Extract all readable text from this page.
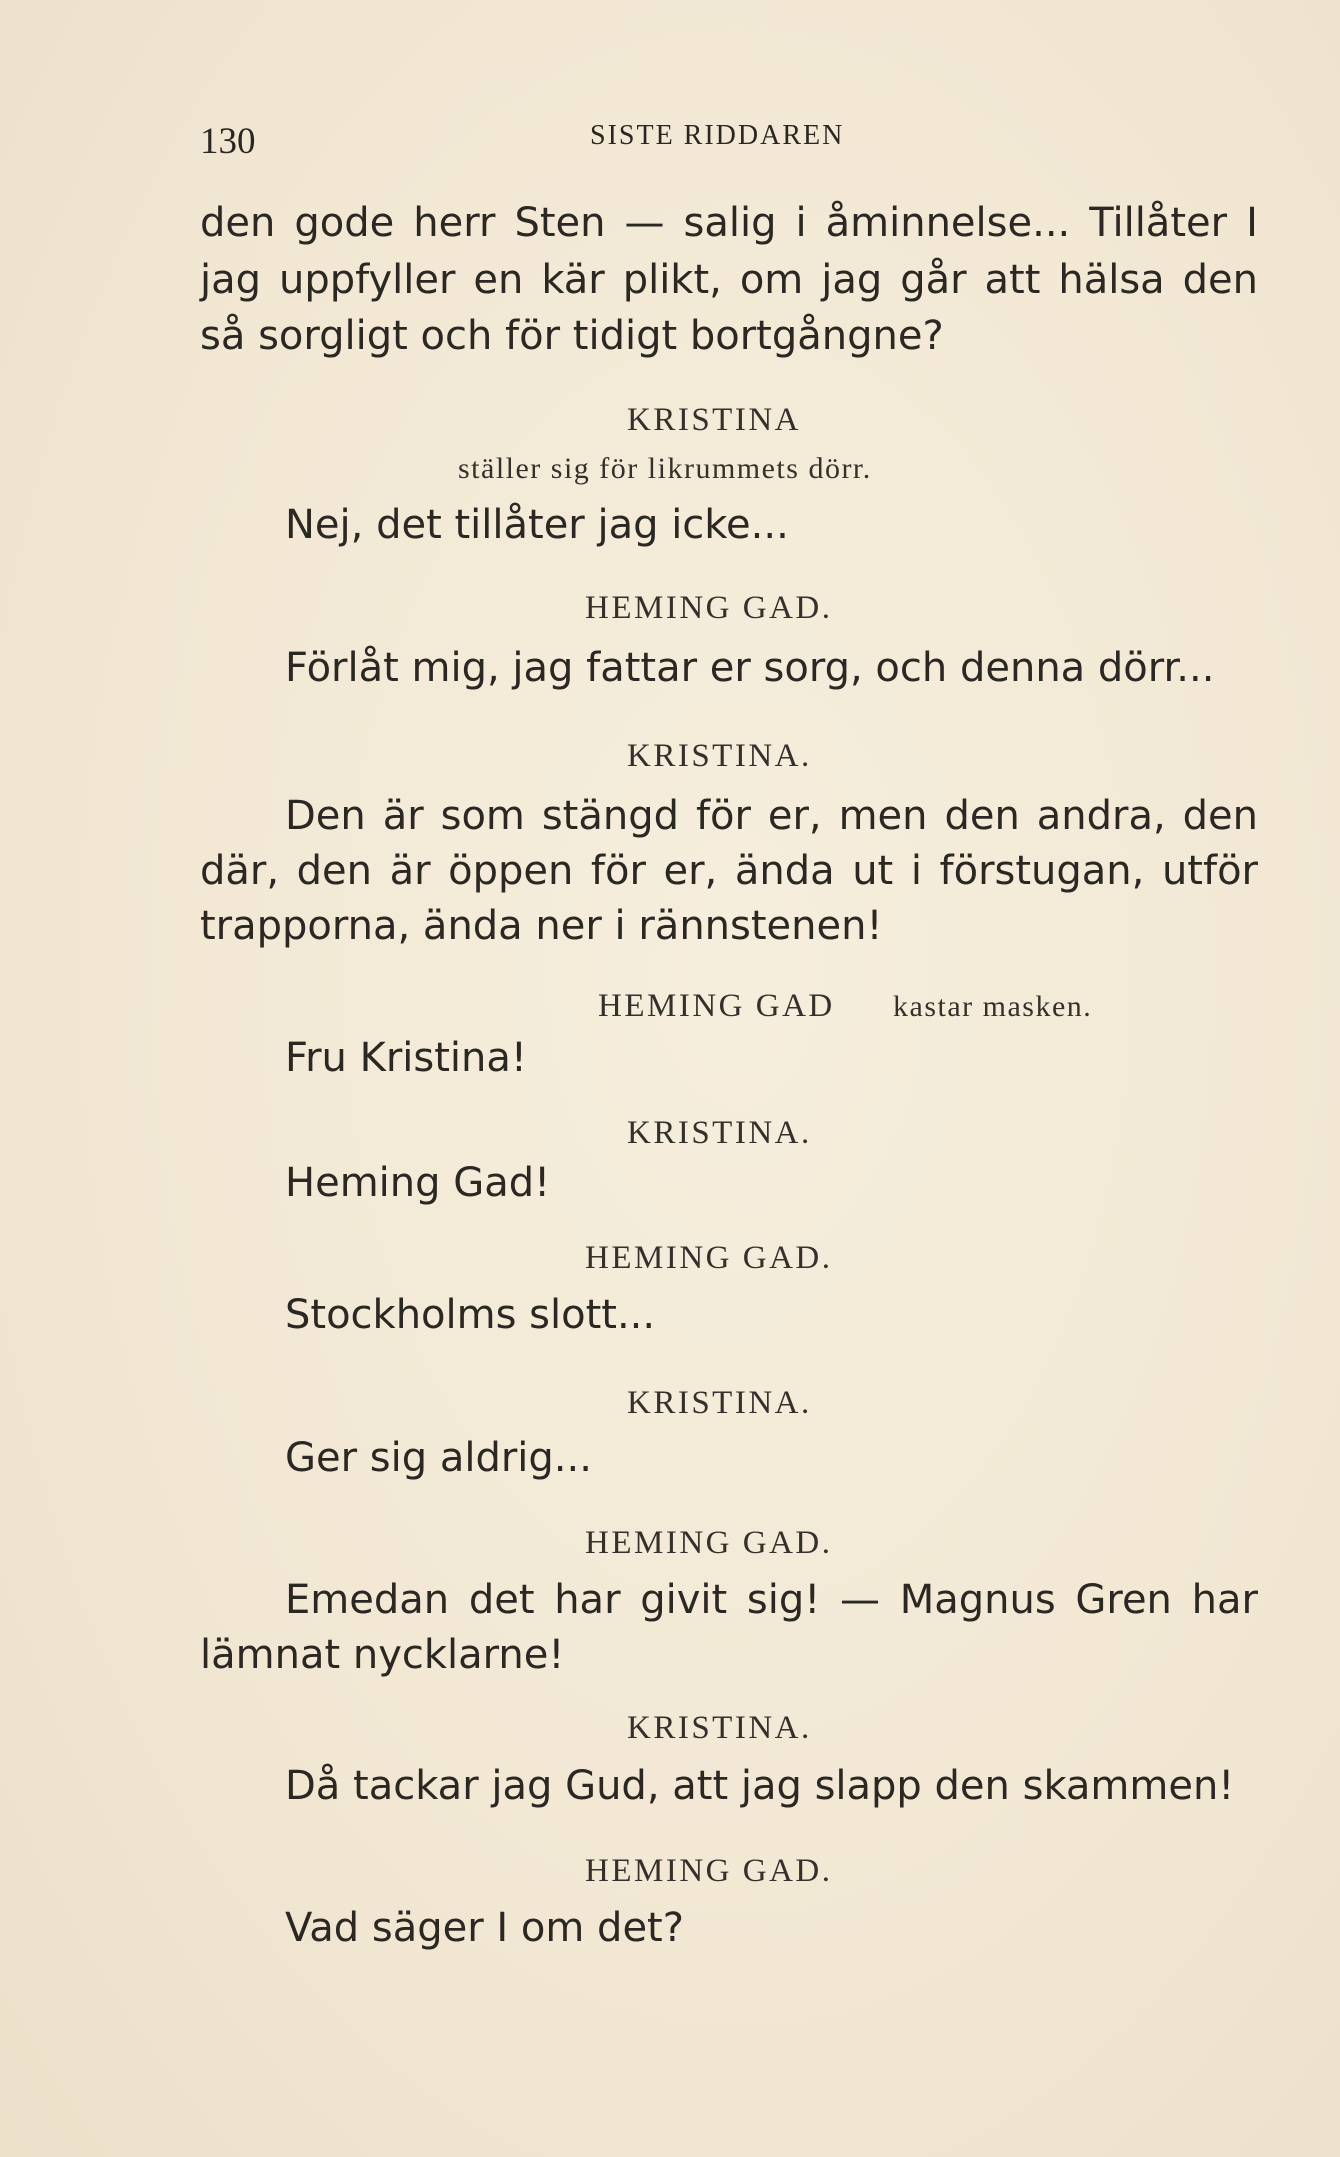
130	SISTE RIDDAREN
den gode herr Sten — salig i åminnelse... Tillåter I
jag uppfyller en kär plikt, om jag går att hälsa den
så sorgligt och för tidigt bortgångne?
KRISTINA
ställer sig för likrummets dörr.
Nej, det tillåter jag icke...
HEMING GAD.
Förlåt mig, jag fattar er sorg, och denna dörr...
KRISTINA.
Den är som stängd för er, men den andra, den
där, den är öppen för er, ända ut i förstugan, utför
trapporna, ända ner i rännstenen!
HEMING GAD kastar masken.
Fru Kristina!
KRISTINA.
Heming Gad!
HEMING GAD.
Stockholms slott...
KRISTINA.
Ger sig aldrig...
HEMING GAD.
Emedan det har givit sig! — Magnus Gren har
lämnat nycklarne!
KRISTINA.
Då tackar jag Gud, att jag slapp den skammen!
HEMING GAD.
Vad säger I om det?
